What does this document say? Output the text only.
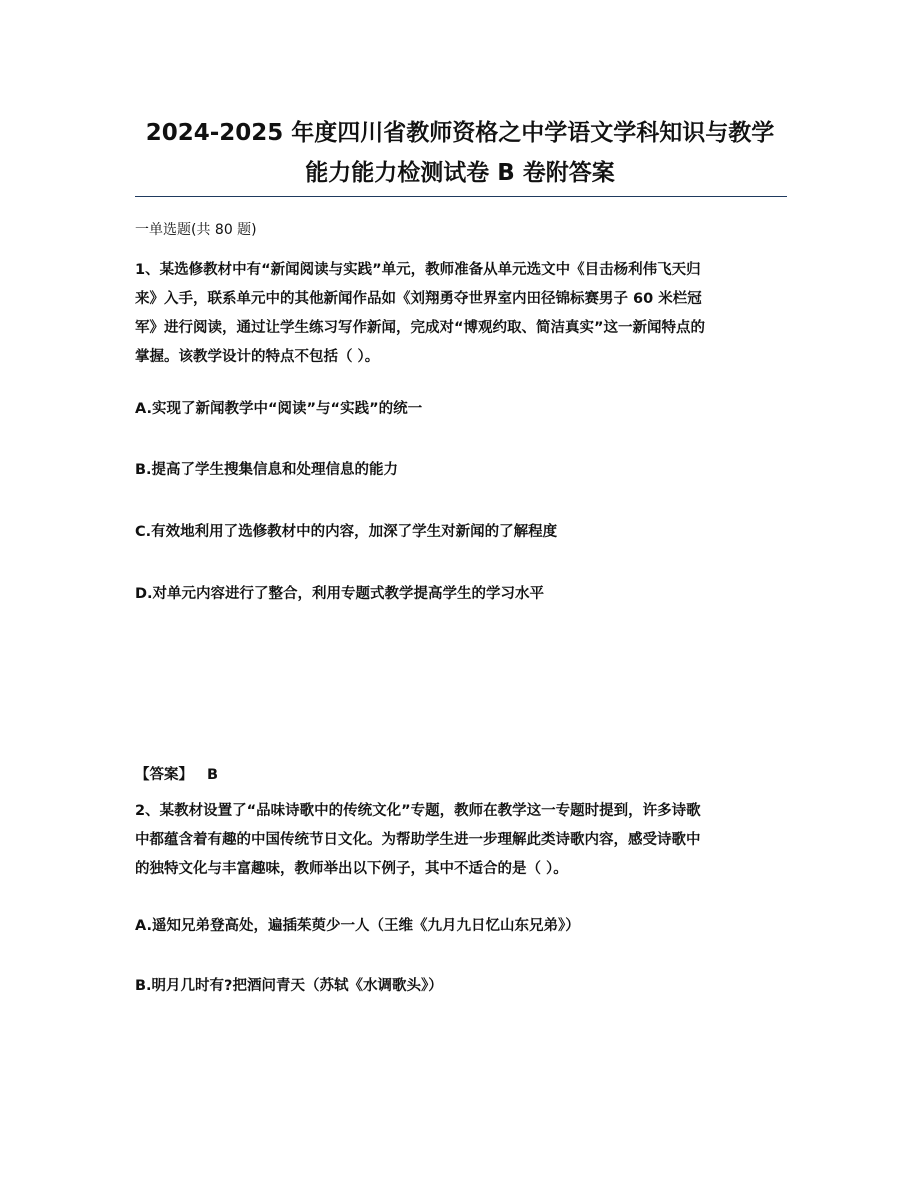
2024-2025 年度四川省教师资格之中学语文学科知识与教学
能力能力检测试卷 B 卷附答案
一单选题(共 80 题)

1、某选修教材中有“新闻阅读与实践”单元，教师准备从单元选文中《目击杨利伟飞天归

来》入手，联系单元中的其他新闻作品如《刘翔勇夺世界室内田径锦标赛男子 60 米栏冠

军》进行阅读，通过让学生练习写作新闻，完成对“博观约取、简洁真实”这一新闻特点的

掌握。该教学设计的特点不包括（ ）。

A.实现了新闻教学中“阅读”与“实践”的统一
B.提高了学生搜集信息和处理信息的能力
C.有效地利用了选修教材中的内容，加深了学生对新闻的了解程度
D.对单元内容进行了整合，利用专题式教学提高学生的学习水平
【答案】 B

2、某教材设置了“品味诗歌中的传统文化”专题，教师在教学这一专题时提到，许多诗歌

中都蕴含着有趣的中国传统节日文化。为帮助学生进一步理解此类诗歌内容，感受诗歌中

的独特文化与丰富趣味，教师举出以下例子，其中不适合的是（ ）。

A.遥知兄弟登高处，遍插茱萸少一人（王维《九月九日忆山东兄弟》）
B.明月几时有?把酒问青天（苏轼《水调歌头》）
